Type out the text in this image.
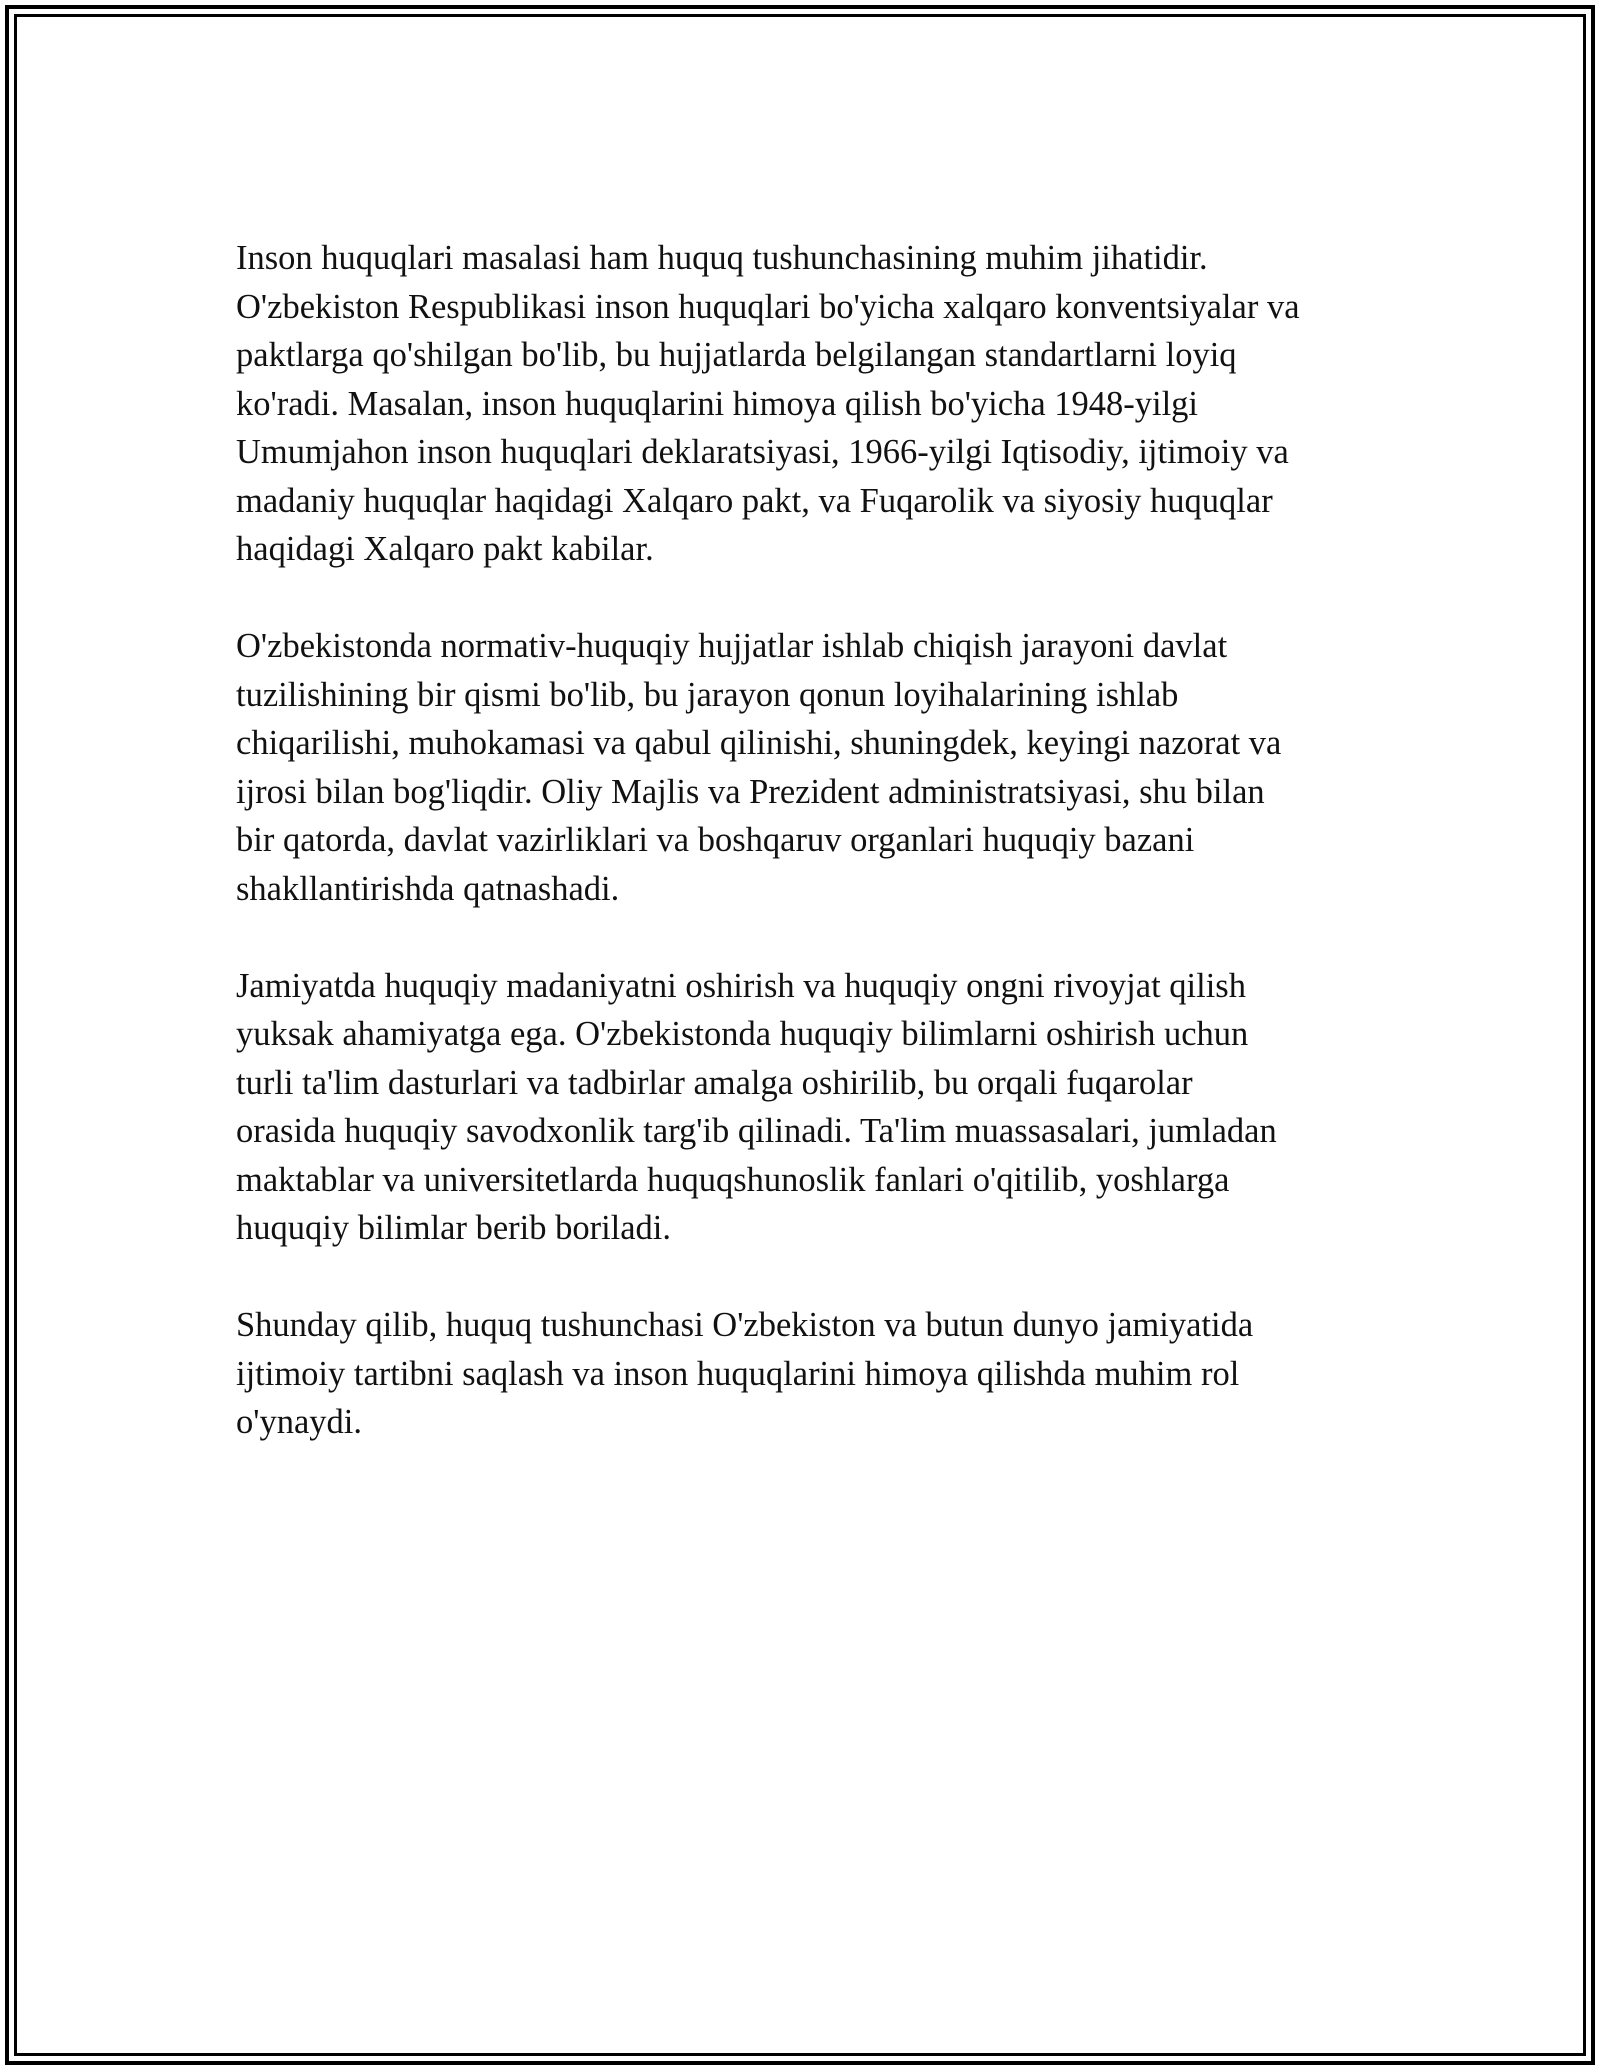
Inson huquqlari masalasi ham huquq tushunchasining muhim jihatidir.
O'zbekiston Respublikasi inson huquqlari bo'yicha xalqaro konventsiyalar va
paktlarga qo'shilgan bo'lib, bu hujjatlarda belgilangan standartlarni loyiq
ko'radi. Masalan, inson huquqlarini himoya qilish bo'yicha 1948-yilgi
Umumjahon inson huquqlari deklaratsiyasi, 1966-yilgi Iqtisodiy, ijtimoiy va
madaniy huquqlar haqidagi Xalqaro pakt, va Fuqarolik va siyosiy huquqlar
haqidagi Xalqaro pakt kabilar.

O'zbekistonda normativ-huquqiy hujjatlar ishlab chiqish jarayoni davlat
tuzilishining bir qismi bo'lib, bu jarayon qonun loyihalarining ishlab
chiqarilishi, muhokamasi va qabul qilinishi, shuningdek, keyingi nazorat va
ijrosi bilan bog'liqdir. Oliy Majlis va Prezident administratsiyasi, shu bilan
bir qatorda, davlat vazirliklari va boshqaruv organlari huquqiy bazani
shakllantirishda qatnashadi.

Jamiyatda huquqiy madaniyatni oshirish va huquqiy ongni rivoyjat qilish
yuksak ahamiyatga ega. O'zbekistonda huquqiy bilimlarni oshirish uchun
turli ta'lim dasturlari va tadbirlar amalga oshirilib, bu orqali fuqarolar
orasida huquqiy savodxonlik targ'ib qilinadi. Ta'lim muassasalari, jumladan
maktablar va universitetlarda huquqshunoslik fanlari o'qitilib, yoshlarga
huquqiy bilimlar berib boriladi.

Shunday qilib, huquq tushunchasi O'zbekiston va butun dunyo jamiyatida
ijtimoiy tartibni saqlash va inson huquqlarini himoya qilishda muhim rol
o'ynaydi.
